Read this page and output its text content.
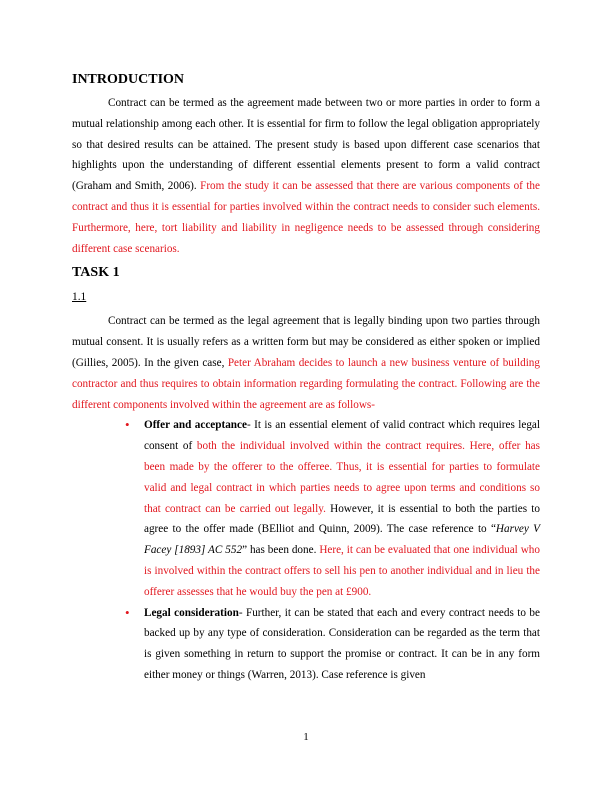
INTRODUCTION

Contract can be termed as the agreement made between two or more parties in order to form a mutual relationship among each other. It is essential for firm to follow the legal obligation appropriately so that desired results can be attained. The present study is based upon different case scenarios that highlights upon the understanding of different essential elements present to form a valid contract (Graham and Smith, 2006). From the study it can be assessed that there are various components of the contract and thus it is essential for parties involved within the contract needs to consider such elements. Furthermore, here, tort liability and liability in negligence needs to be assessed through considering different case scenarios.

TASK 1
1.1

Contract can be termed as the legal agreement that is legally binding upon two parties through mutual consent. It is usually refers as a written form but may be considered as either spoken or implied (Gillies, 2005). In the given case, Peter Abraham decides to launch a new business venture of building contractor and thus requires to obtain information regarding formulating the contract. Following are the different components involved within the agreement are as follows-

• Offer and acceptance- It is an essential element of valid contract which requires legal consent of both the individual involved within the contract requires. Here, offer has been made by the offerer to the offeree. Thus, it is essential for parties to formulate valid and legal contract in which parties needs to agree upon terms and conditions so that contract can be carried out legally. However, it is essential to both the parties to agree to the offer made (BElliot and Quinn, 2009). The case reference to “Harvey V Facey [1893] AC 552” has been done. Here, it can be evaluated that one individual who is involved within the contract offers to sell his pen to another individual and in lieu the offerer assesses that he would buy the pen at £900.
• Legal consideration- Further, it can be stated that each and every contract needs to be backed up by any type of consideration. Consideration can be regarded as the term that is given something in return to support the promise or contract. It can be in any form either money or things (Warren, 2013). Case reference is given
1
